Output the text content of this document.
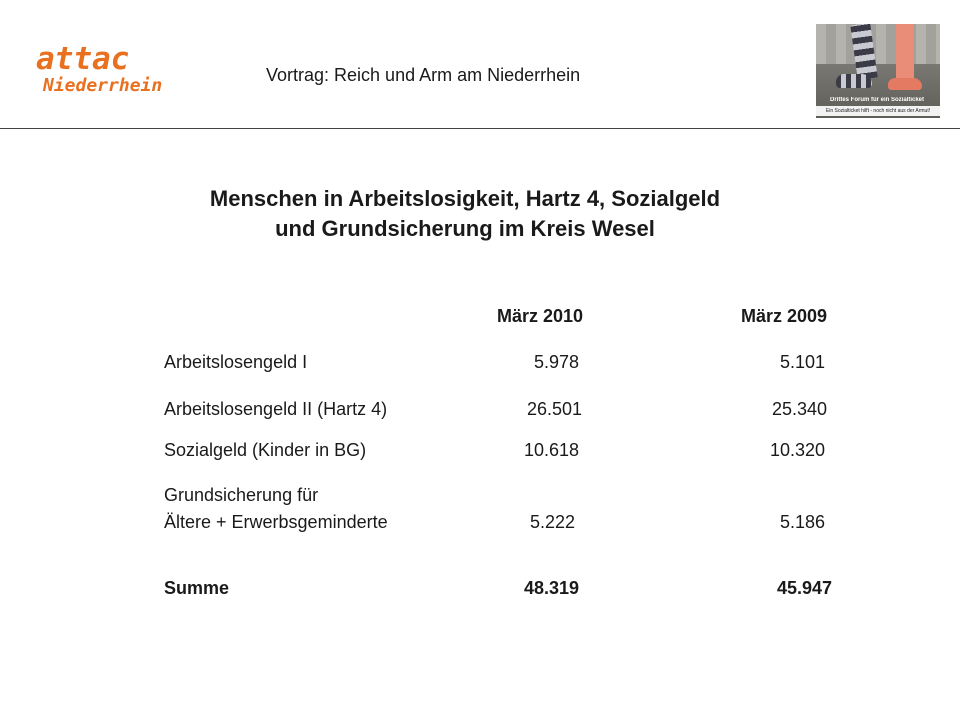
attac
Niederrhein	Vortrag: Reich und Arm am Niederrhein
Drittes Forum für ein Sozialticket
Ein Sozialticket hilft - noch nicht aus der Armut!
Menschen in Arbeitslosigkeit, Hartz 4, Sozialgeld
und Grundsicherung im Kreis Wesel
März 2010	März 2009
Arbeitslosengeld I	5.978	5.101
Arbeitslosengeld II (Hartz 4)	26.501	25.340
Sozialgeld (Kinder in BG)	10.618	10.320
Grundsicherung für
Ältere + Erwerbsgeminderte	5.222	5.186
Summe	48.319	45.947
